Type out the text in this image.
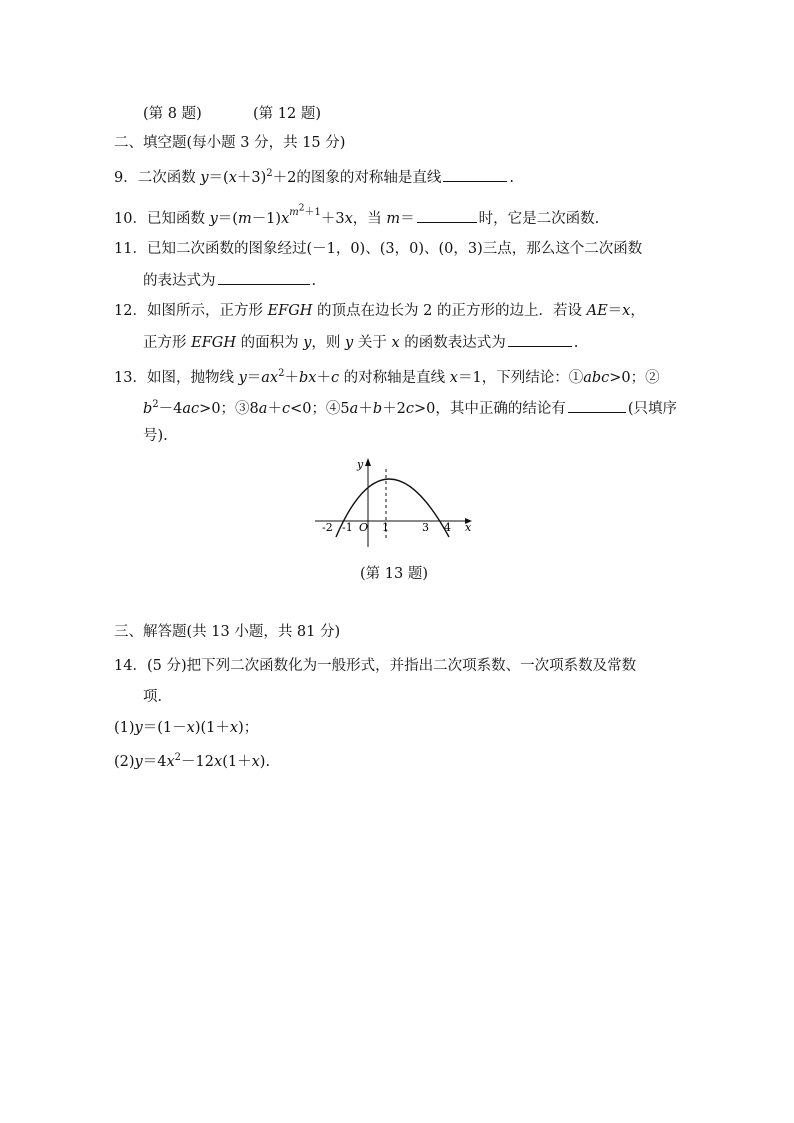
(第 8 题)	(第 12 题)
二、填空题(每小题 3 分，共 15 分)
9．二次函数 $y=(x+3)^2+2$的图象的对称轴是直线	.
10．已知函数 $y=(m-1)x^{m^2+1}+3x$，当 m＝	时，它是二次函数.
11．已知二次函数的图象经过(－1，0)、(3，0)、(0，3)三点，那么这个二次函数
的表达式为	.
12．如图所示，正方形 EFGH 的顶点在边长为 2 的正方形的边上．若设 AE＝x，
正方形 EFGH 的面积为 y，则 y 关于 x 的函数表达式为	.
13．如图，抛物线 $y=ax^2+bx+c$ 的对称轴是直线 x＝1，下列结论：①abc>0；②
$b^2-4ac>0$；③8a＋c<0；④5a＋b＋2c>0，其中正确的结论有	(只填序
号).
y
x
O
-2 -1	1	3 4
(第 13 题)
三、解答题(共 13 小题，共 81 分)
14．(5 分)把下列二次函数化为一般形式，并指出二次项系数、一次项系数及常数
项．
(1)y＝(1－x)(1＋x)；
$(2)y=4x^2-12x(1+x)$.
